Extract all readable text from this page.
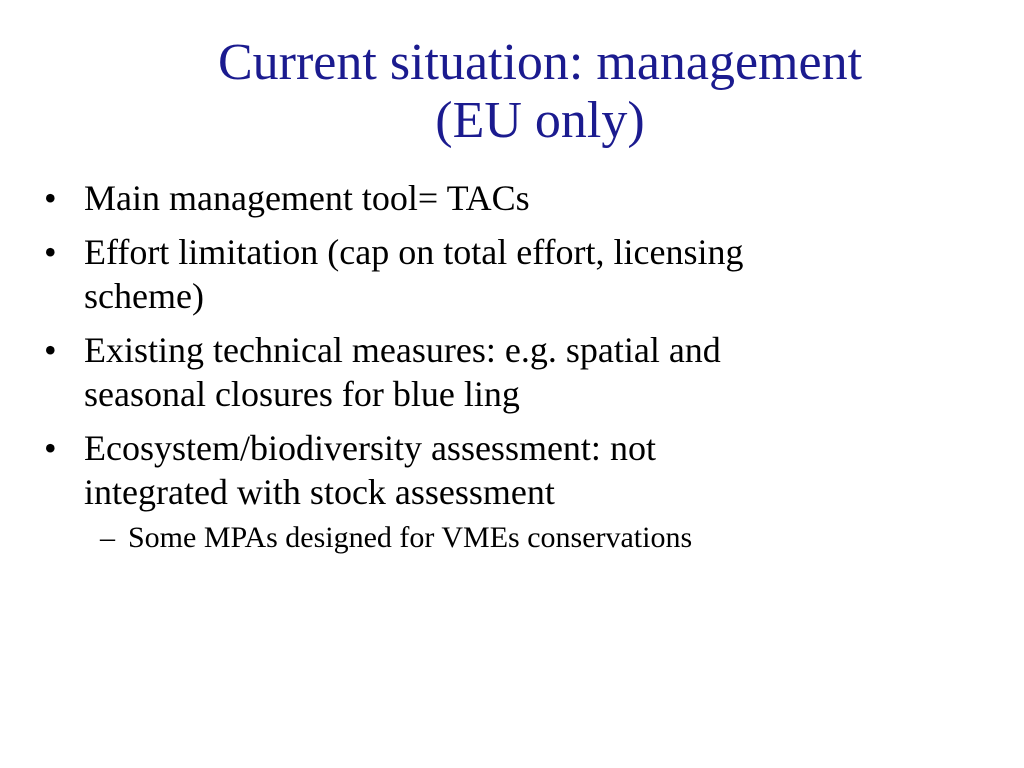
Current situation: management
(EU only)
• Main management tool= TACs
• Effort limitation (cap on total effort, licensing
scheme)
• Existing technical measures: e.g. spatial and
seasonal closures for blue ling
• Ecosystem/biodiversity assessment: not
integrated with stock assessment
– Some MPAs designed for VMEs conservations
